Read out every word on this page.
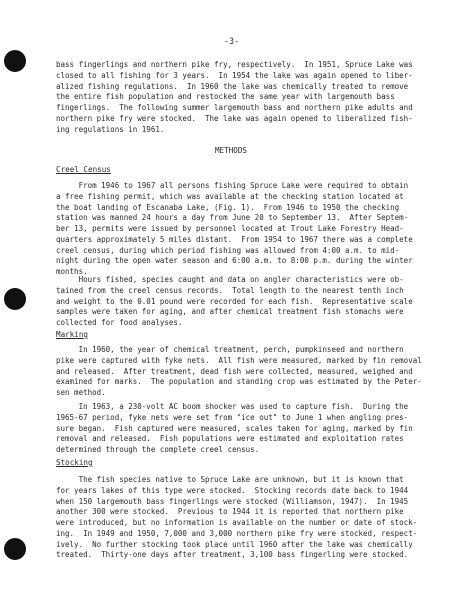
-3-
bass fingerlings and northern pike fry, respectively.  In 1951, Spruce Lake was
closed to all fishing for 3 years.  In 1954 the lake was again opened to liber-
alized fishing regulations.  In 1960 the lake was chemically treated to remove
the entire fish population and restocked the same year with largemouth bass
fingerlings.  The following summer largemouth bass and northern pike adults and
northern pike fry were stocked.  The lake was again opened to liberalized fish-
ing regulations in 1961.
METHODS
Creel Census
From 1946 to 1967 all persons fishing Spruce Lake were required to obtain
a free fishing permit, which was available at the checking station located at
the boat landing of Escanaba Lake, (Fig. 1).  From 1946 to 1950 the checking
station was manned 24 hours a day from June 20 to September 13.  After Septem-
ber 13, permits were issued by personnel located at Trout Lake Forestry Head-
quarters approximately 5 miles distant.  From 1954 to 1967 there was a complete
creel census, during which period fishing was allowed from 4:00 a.m. to mid-
night during the open water season and 6:00 a.m. to 8:00 p.m. during the winter
months.
Hours fished, species caught and data on angler characteristics were ob-
tained from the creel census records.  Total length to the nearest tenth inch
and weight to the 0.01 pound were recorded for each fish.  Representative scale
samples were taken for aging, and after chemical treatment fish stomachs were
collected for food analyses.
Marking
In 1960, the year of chemical treatment, perch, pumpkinseed and northern
pike were captured with fyke nets.  All fish were measured, marked by fin removal
and released.  After treatment, dead fish were collected, measured, weighed and
examined for marks.  The population and standing crop was estimated by the Peter-
sen method.
In 1963, a 230-volt AC boom shocker was used to capture fish.  During the
1965-67 period, fyke nets were set from "ice out" to June 1 when angling pres-
sure began.  Fish captured were measured, scales taken for aging, marked by fin
removal and released.  Fish populations were estimated and exploitation rates
determined through the complete creel census.
Stocking
The fish species native to Spruce Lake are unknown, but it is known that
for years lakes of this type were stocked.  Stocking records date back to 1944
when 150 largemouth bass fingerlings were stocked (Williamson, 1947).  In 1945
another 300 were stocked.  Previous to 1944 it is reported that northern pike
were introduced, but no information is available on the number or date of stock-
ing.  In 1949 and 1950, 7,000 and 3,000 northern pike fry were stocked, respect-
ively.  No further stocking took place until 1960 after the lake was chemically
treated.  Thirty-one days after treatment, 3,100 bass fingerling were stocked.
